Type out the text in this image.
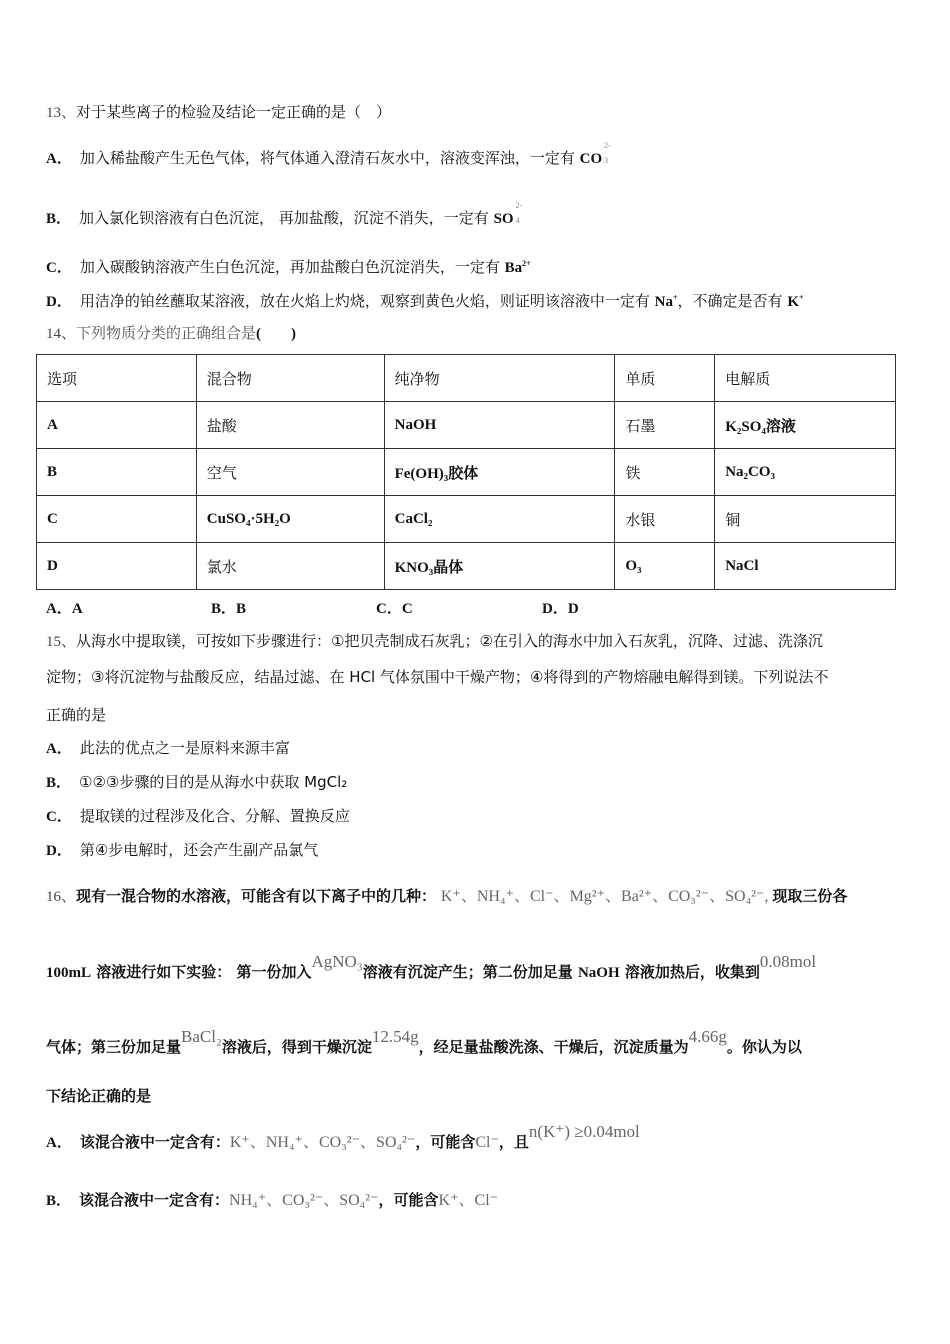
13、对于某些离子的检验及结论一定正确的是（　）
A． 加入稀盐酸产生无色气体，将气体通入澄清石灰水中，溶液变浑浊，一定有 CO
2-
3
B． 加入氯化钡溶液有白色沉淀， 再加盐酸，沉淀不消失，一定有 SO
2-
4
C． 加入碳酸钠溶液产生白色沉淀，再加盐酸白色沉淀消失，一定有 $Ba^{2+}$
D． 用洁净的铂丝蘸取某溶液，放在火焰上灼烧，观察到黄色火焰，则证明该溶液中一定有 Na+，不确定是否有 K+
14、下列物质分类的正确组合是(　　)
选项	混合物	纯净物	单质	电解质
A	盐酸	NaOH	石墨	K₂SO₄溶液
B	空气	Fe(OH)₃胶体	铁	Na₂CO₃
C	CuSO₄·5H₂O	CaCl₂	水银	铜
D	氯水	KNO₃晶体	O₃	NaCl
A．A	B．B	C．C	D．D
15、从海水中提取镁，可按如下步骤进行：①把贝壳制成石灰乳；②在引入的海水中加入石灰乳，沉降、过滤、洗涤沉
淀物；③将沉淀物与盐酸反应，结晶过滤、在 HCl 气体氛围中干燥产物；④将得到的产物熔融电解得到镁。下列说法不
正确的是
A． 此法的优点之一是原料来源丰富
B． ①②③步骤的目的是从海水中获取 MgCl₂
C． 提取镁的过程涉及化合、分解、置换反应
D． 第④步电解时，还会产生副产品氯气
16、现有一混合物的水溶液，可能含有以下离子中的几种： K⁺、NH₄⁺、Cl⁻、Mg²⁺、Ba²⁺、CO₃²⁻、SO₄²⁻, 现取三份各
100mL 溶液进行如下实验： 第一份加入AgNO₃溶液有沉淀产生；第二份加足量 NaOH 溶液加热后，收集到0.08mol
气体；第三份加足量BaCl₂溶液后，得到干燥沉淀12.54g，经足量盐酸洗涤、干燥后，沉淀质量为4.66g。你认为以
下结论正确的是
A． 该混合液中一定含有：K⁺、NH₄⁺、CO₃²⁻、SO₄²⁻，可能含Cl⁻，且n(K⁺) ≥0.04mol
B． 该混合液中一定含有：NH₄⁺、CO₃²⁻、SO₄²⁻，可能含K⁺、Cl⁻
